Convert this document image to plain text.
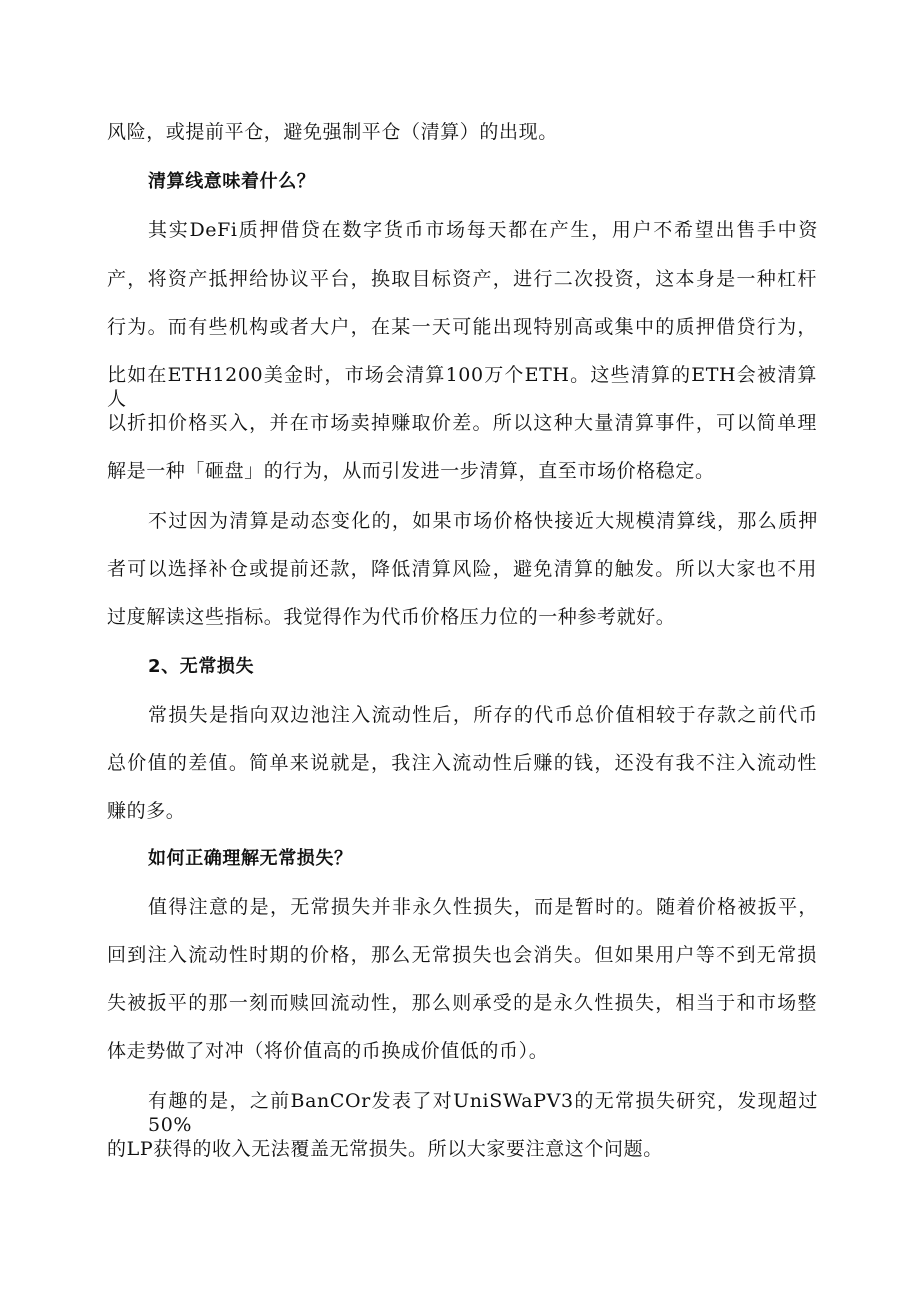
风险，或提前平仓，避免强制平仓（清算）的出现。
清算线意味着什么？
其实DeFi质押借贷在数字货币市场每天都在产生，用户不希望出售手中资
产，将资产抵押给协议平台，换取目标资产，进行二次投资，这本身是一种杠杆
行为。而有些机构或者大户，在某一天可能出现特别高或集中的质押借贷行为，
比如在ETH1200美金时，市场会清算100万个ETH。这些清算的ETH会被清算人
以折扣价格买入，并在市场卖掉赚取价差。所以这种大量清算事件，可以简单理
解是一种「砸盘」的行为，从而引发进一步清算，直至市场价格稳定。
不过因为清算是动态变化的，如果市场价格快接近大规模清算线，那么质押
者可以选择补仓或提前还款，降低清算风险，避免清算的触发。所以大家也不用
过度解读这些指标。我觉得作为代币价格压力位的一种参考就好。
2、无常损失
常损失是指向双边池注入流动性后，所存的代币总价值相较于存款之前代币
总价值的差值。简单来说就是，我注入流动性后赚的钱，还没有我不注入流动性
赚的多。
如何正确理解无常损失？
值得注意的是，无常损失并非永久性损失，而是暂时的。随着价格被扳平，
回到注入流动性时期的价格，那么无常损失也会消失。但如果用户等不到无常损
失被扳平的那一刻而赎回流动性，那么则承受的是永久性损失，相当于和市场整
体走势做了对冲（将价值高的币换成价值低的币）。
有趣的是，之前BanCOr发表了对UniSWaPV3的无常损失研究，发现超过50%
的LP获得的收入无法覆盖无常损失。所以大家要注意这个问题。
